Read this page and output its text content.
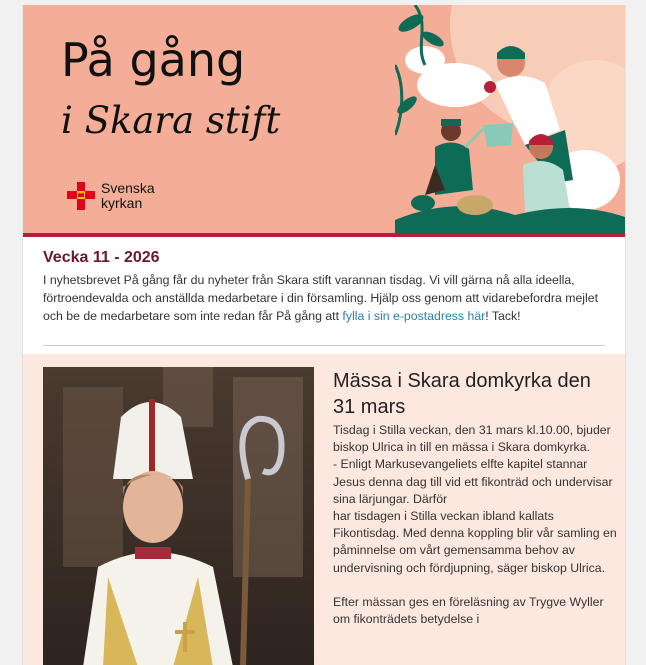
På gång
i Skara stift
Svenska
kyrkan
Vecka 11 - 2026

I nyhetsbrevet På gång får du nyheter från Skara stift varannan tisdag. Vi vill gärna nå alla ideella, förtroendevalda och anställda medarbetare i din församling. Hjälp oss genom att vidarebefordra mejlet och be de medarbetare som inte redan får På gång att fylla i sin e-postadress här! Tack!

Mässa i Skara domkyrka den 31 mars
Tisdag i Stilla veckan, den 31 mars kl.10.00, bjuder biskop Ulrica in till en mässa i Skara domkyrka.
- Enligt Markusevangeliets elfte kapitel stannar Jesus denna dag till vid ett fikonträd och undervisar sina lärjungar. Därför
har tisdagen i Stilla veckan ibland kallats Fikontisdag. Med denna koppling blir vår samling en påminnelse om vårt gemensamma behov av undervisning och fördjupning, säger biskop Ulrica.

Efter mässan ges en föreläsning av Trygve Wyller om fikonträdets betydelse i
